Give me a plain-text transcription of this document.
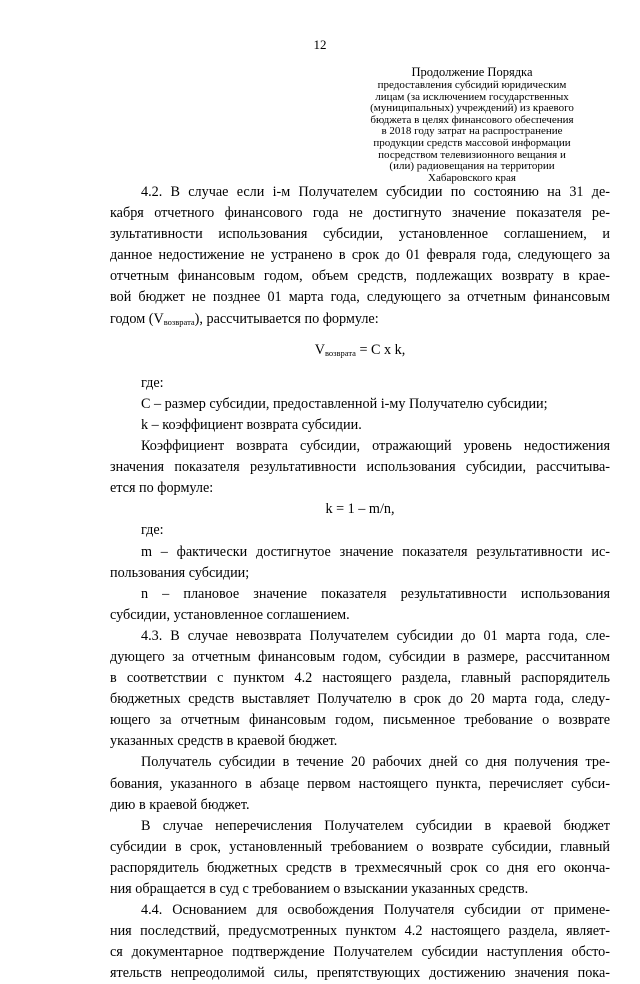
12
Продолжение Порядка
предоставления субсидий юридическим
лицам (за исключением государственных
(муниципальных) учреждений) из краевого
бюджета в целях финансового обеспечения
в 2018 году затрат на распространение
продукции средств массовой информации
посредством телевизионного вещания и
(или) радиовещания на территории
Хабаровского края
4.2. В случае если i-м Получателем субсидии по состоянию на 31 де-
кабря отчетного финансового года не достигнуто значение показателя ре-
зультативности использования субсидии, установленное соглашением, и
данное недостижение не устранено в срок до 01 февраля года, следующего за
отчетным финансовым годом, объем средств, подлежащих возврату в крае-
вой бюджет не позднее 01 марта года, следующего за отчетным финансовым
годом $(V_{возврата})$, рассчитывается по формуле:
$V_{возврата} = C$ x k,
где:
C – размер субсидии, предоставленной i-му Получателю субсидии;
k – коэффициент возврата субсидии.
Коэффициент возврата субсидии, отражающий уровень недостижения
значения показателя результативности использования субсидии, рассчитыва-
ется по формуле:
k = 1 – m/n,
где:
m – фактически достигнутое значение показателя результативности ис-
пользования субсидии;
n – плановое значение показателя результативности использования
субсидии, установленное соглашением.
4.3. В случае невозврата Получателем субсидии до 01 марта года, сле-
дующего за отчетным финансовым годом, субсидии в размере, рассчитанном
в соответствии с пунктом 4.2 настоящего раздела, главный распорядитель
бюджетных средств выставляет Получателю в срок до 20 марта года, следу-
ющего за отчетным финансовым годом, письменное требование о возврате
указанных средств в краевой бюджет.
Получатель субсидии в течение 20 рабочих дней со дня получения тре-
бования, указанного в абзаце первом настоящего пункта, перечисляет субси-
дию в краевой бюджет.
В случае неперечисления Получателем субсидии в краевой бюджет
субсидии в срок, установленный требованием о возврате субсидии, главный
распорядитель бюджетных средств в трехмесячный срок со дня его оконча-
ния обращается в суд с требованием о взыскании указанных средств.
4.4. Основанием для освобождения Получателя субсидии от примене-
ния последствий, предусмотренных пунктом 4.2 настоящего раздела, являет-
ся документарное подтверждение Получателем субсидии наступления обсто-
ятельств непреодолимой силы, препятствующих достижению значения пока-
